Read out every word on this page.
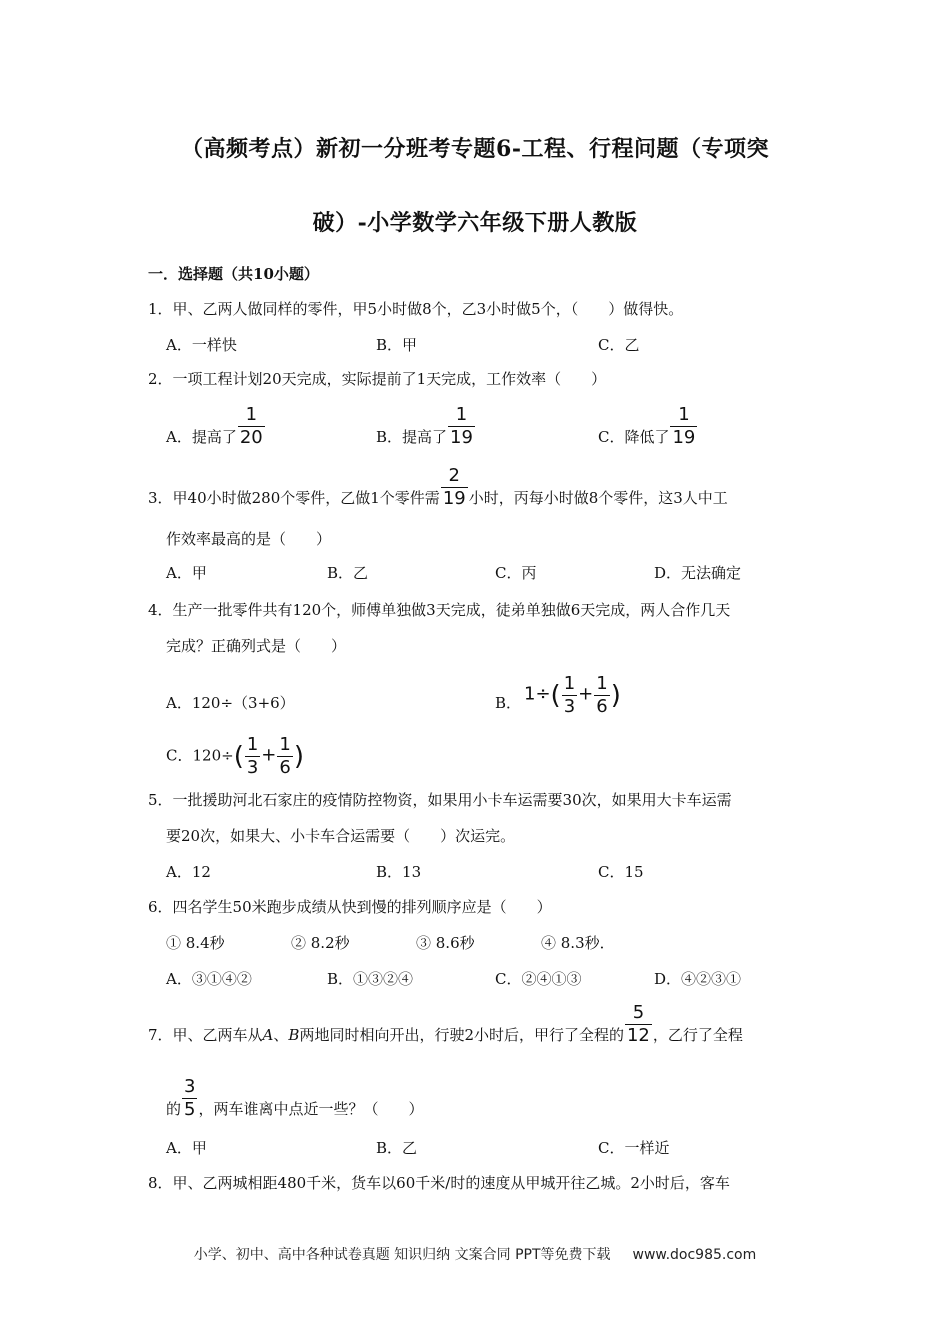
（高频考点）新初一分班考专题6-工程、行程问题（专项突
破）-小学数学六年级下册人教版
一．选择题（共10小题）
1．甲、乙两人做同样的零件，甲5小时做8个，乙3小时做5个，（　　）做得快。
A．一样快	B．甲	C．乙
2．一项工程计划20天完成，实际提前了1天完成，工作效率（　　）
A．提高了 $\frac{1}{20}$	B．提高了 $\frac{1}{19}$	C．降低了 $\frac{1}{19}$
3．甲40小时做280个零件，乙做1个零件需 $\frac{2}{19}$ 小时，丙每小时做8个零件，这3人中工
作效率最高的是（　　）
A．甲	B．乙	C．丙	D．无法确定
4．生产一批零件共有120个，师傅单独做3天完成，徒弟单独做6天完成，两人合作几天
完成？正确列式是（　　）
A．120÷（3+6）	B． $1\div( \frac{1}{3} + \frac{1}{6}$ )
C．$120\div( \frac{1}{3} + \frac{1}{6}$ )
5．一批援助河北石家庄的疫情防控物资，如果用小卡车运需要30次，如果用大卡车运需
要20次，如果大、小卡车合运需要（　　）次运完。
A．12	B．13	C．15
6．四名学生50米跑步成绩从快到慢的排列顺序应是（　　）
① 8.4秒	② 8.2秒	③ 8.6秒	④ 8.3秒．
A．③①④②	B．①③②④	C．②④①③	D．④②③①
7．甲、乙两车从A、B两地同时相向开出，行驶2小时后，甲行了全程的 $\frac{5}{12}$ ，乙行了全程
的 $\frac{3}{5}$ ，两车谁离中点近一些？（　　）
A．甲	B．乙	C．一样近
8．甲、乙两城相距480千米，货车以60千米/时的速度从甲城开往乙城。2小时后，客车
小学、初中、高中各种试卷真题 知识归纳 文案合同 PPT等免费下载 www.doc985.com
